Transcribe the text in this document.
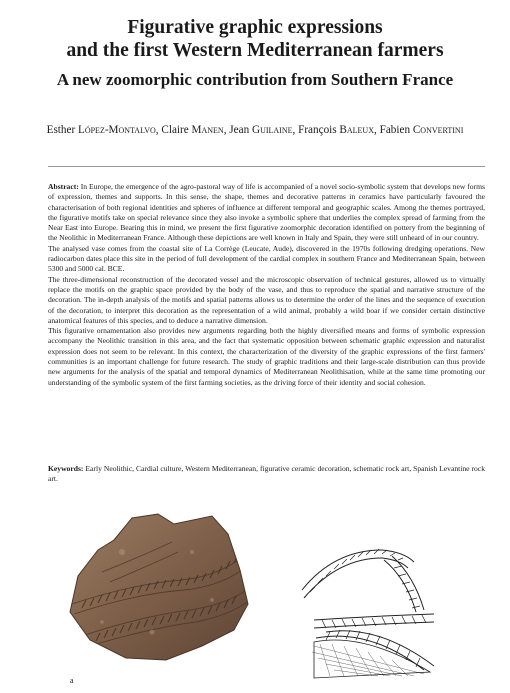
Figurative graphic expressions
and the first Western Mediterranean farmers
A new zoomorphic contribution from Southern France

Esther López-Montalvo, Claire Manen, Jean Guilaine, François Baleux, Fabien Convertini

Abstract: In Europe, the emergence of the agro-pastoral way of life is accompanied of a novel socio-symbolic system that develops new forms of expression, themes and supports. In this sense, the shape, themes and decorative patterns in ceramics have particularly favoured the characterisation of both regional identities and spheres of influence at different temporal and geographic scales. Among the themes portrayed, the figurative motifs take on special relevance since they also invoke a symbolic sphere that underlies the complex spread of farming from the Near East into Europe. Bearing this in mind, we present the first figurative zoomorphic decoration identified on pottery from the beginning of the Neolithic in Mediterranean France. Although these depictions are well known in Italy and Spain, they were still unheard of in our country.

The analysed vase comes from the coastal site of La Corrège (Leucate, Aude), discovered in the 1970s following dredging operations. New radiocarbon dates place this site in the period of full development of the cardial complex in southern France and Mediterranean Spain, between 5300 and 5000 cal. BCE.

The three-dimensional reconstruction of the decorated vessel and the microscopic observation of technical gestures, allowed us to virtually replace the motifs on the graphic space provided by the body of the vase, and thus to reproduce the spatial and narrative structure of the decoration. The in-depth analysis of the motifs and spatial patterns allows us to determine the order of the lines and the sequence of execution of the decoration, to interpret this decoration as the representation of a wild animal, probably a wild boar if we consider certain distinctive anatomical features of this species, and to deduce a narrative dimension.

This figurative ornamentation also provides new arguments regarding both the highly diversified means and forms of symbolic expression accompany the Neolithic transition in this area, and the fact that systematic opposition between schematic graphic expression and naturalist expression does not seem to be relevant. In this context, the characterization of the diversity of the graphic expressions of the first farmers' communities is an important challenge for future research. The study of graphic traditions and their large-scale distribution can thus provide new arguments for the analysis of the spatial and temporal dynamics of Mediterranean Neolithisation, while at the same time promoting our understanding of the symbolic system of the first farming societies, as the driving force of their identity and social cohesion.

Keywords: Early Neolithic, Cardial culture, Western Mediterranean, figurative ceramic decoration, schematic rock art, Spanish Levantine rock art.

a
